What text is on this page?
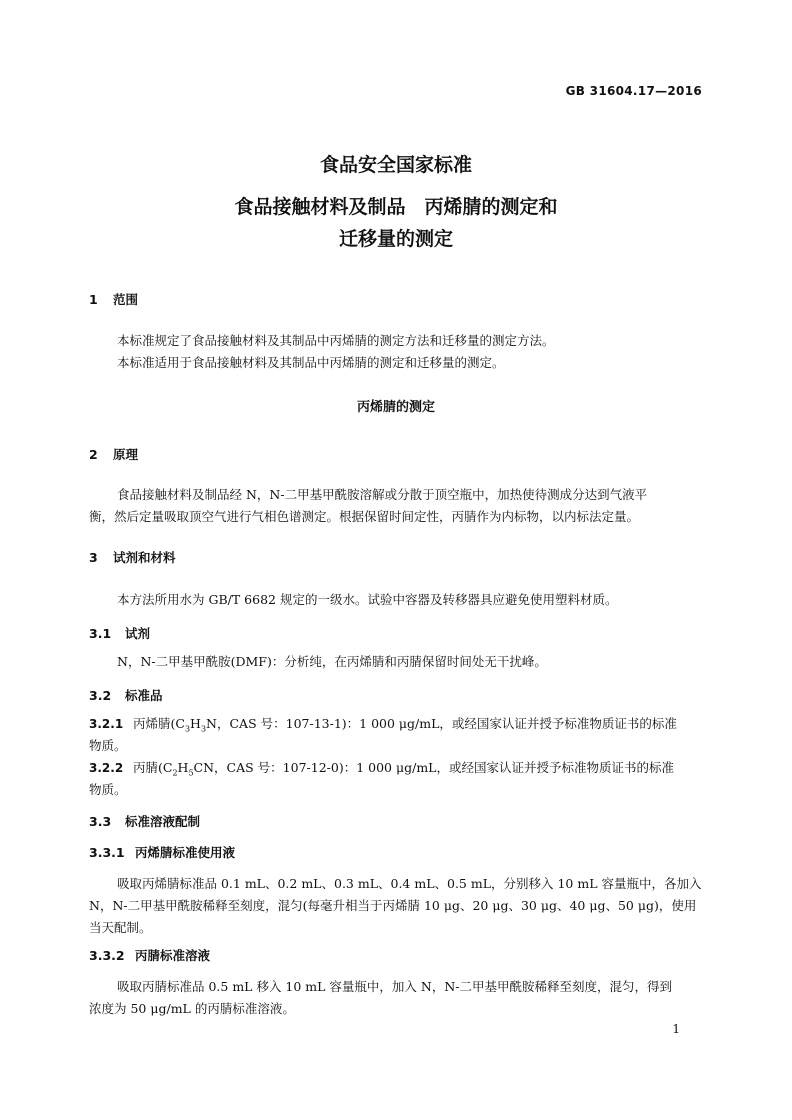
GB 31604.17—2016
食品安全国家标准
食品接触材料及制品　丙烯腈的测定和
迁移量的测定
1 范围
本标准规定了食品接触材料及其制品中丙烯腈的测定方法和迁移量的测定方法。
本标准适用于食品接触材料及其制品中丙烯腈的测定和迁移量的测定。
丙烯腈的测定
2 原理
食品接触材料及制品经 N，N-二甲基甲酰胺溶解或分散于顶空瓶中，加热使待测成分达到气液平
衡，然后定量吸取顶空气进行气相色谱测定。根据保留时间定性，丙腈作为内标物，以内标法定量。
3 试剂和材料
本方法所用水为 GB/T 6682 规定的一级水。试验中容器及转移器具应避免使用塑料材质。
3.1 试剂
N，N-二甲基甲酰胺(DMF)：分析纯，在丙烯腈和丙腈保留时间处无干扰峰。
3.2 标准品
3.2.1 丙烯腈($C_3H_3N$，CAS 号：107-13-1)：1 000 μg/mL，或经国家认证并授予标准物质证书的标准
物质。
3.2.2 丙腈($C_2H_5CN$，CAS 号：107-12-0)：1 000 μg/mL，或经国家认证并授予标准物质证书的标准
物质。
3.3 标准溶液配制
3.3.1 丙烯腈标准使用液
吸取丙烯腈标准品 0.1 mL、0.2 mL、0.3 mL、0.4 mL、0.5 mL，分别移入 10 mL 容量瓶中，各加入
N，N-二甲基甲酰胺稀释至刻度，混匀(每毫升相当于丙烯腈 10 μg、20 μg、30 μg、40 μg、50 μg)，使用
当天配制。
3.3.2 丙腈标准溶液
吸取丙腈标准品 0.5 mL 移入 10 mL 容量瓶中，加入 N，N-二甲基甲酰胺稀释至刻度，混匀，得到
浓度为 50 μg/mL 的丙腈标准溶液。
1
